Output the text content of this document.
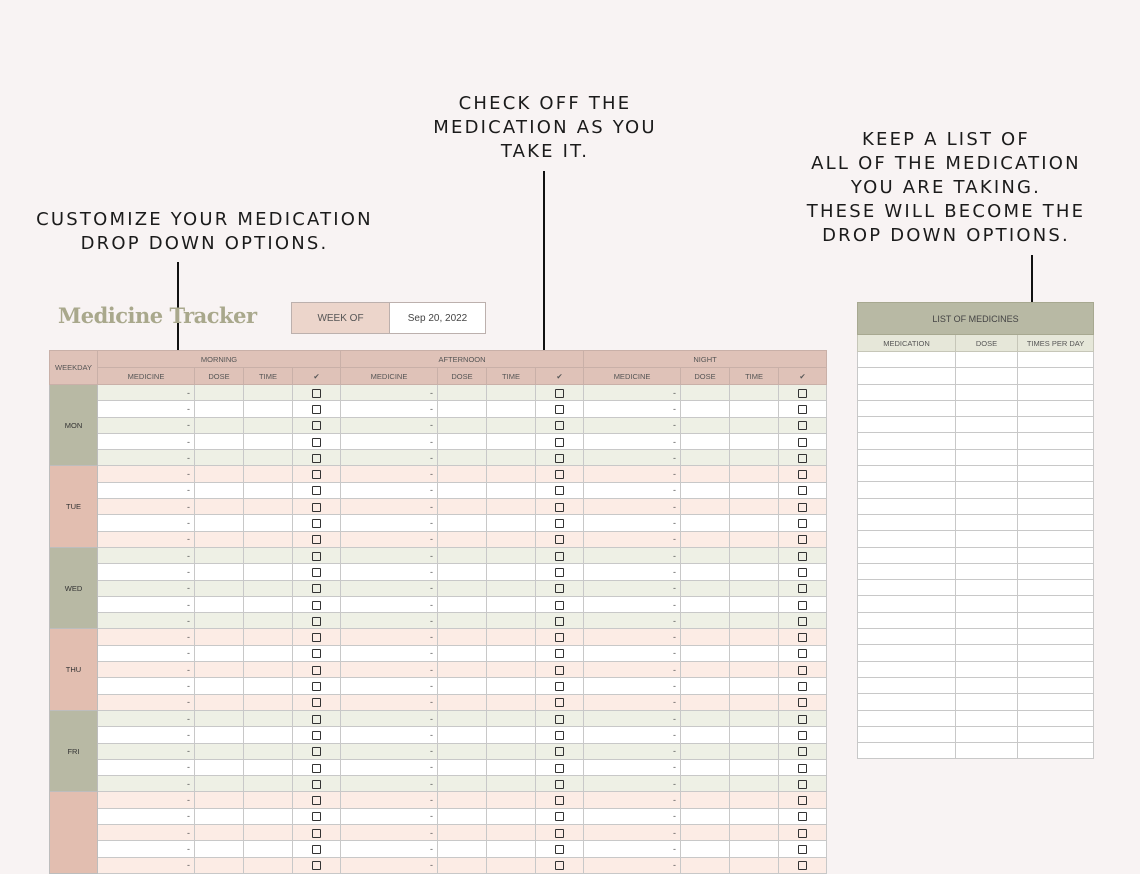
CUSTOMIZE YOUR MEDICATION
DROP DOWN OPTIONS.
CHECK OFF THE
MEDICATION AS YOU
TAKE IT.
KEEP A LIST OF
ALL OF THE MEDICATION
YOU ARE TAKING.
THESE WILL BECOME THE
DROP DOWN OPTIONS.
Medicine Tracker	WEEK OF	Sep 20, 2022
WEEKDAY	MORNING				AFTERNOON				NIGHT			
	MEDICINE	DOSE	TIME	✔	MEDICINE	DOSE	TIME	✔	MEDICINE	DOSE	TIME	✔
MON	-				-				-			
	-				-				-			
	-				-				-			
	-				-				-			
	-				-				-			
TUE	-				-				-			
	-				-				-			
	-				-				-			
	-				-				-			
	-				-				-			
WED	-				-				-			
	-				-				-			
	-				-				-			
	-				-				-			
	-				-				-			
THU	-				-				-			
	-				-				-			
	-				-				-			
	-				-				-			
	-				-				-			
FRI	-				-				-			
	-				-				-			
	-				-				-			
	-				-				-			
	-				-				-			
	-				-				-			
	-				-				-			
	-				-				-			
	-				-				-			
	-				-				-			
LIST OF MEDICINES		
MEDICATION	DOSE	TIMES PER DAY
